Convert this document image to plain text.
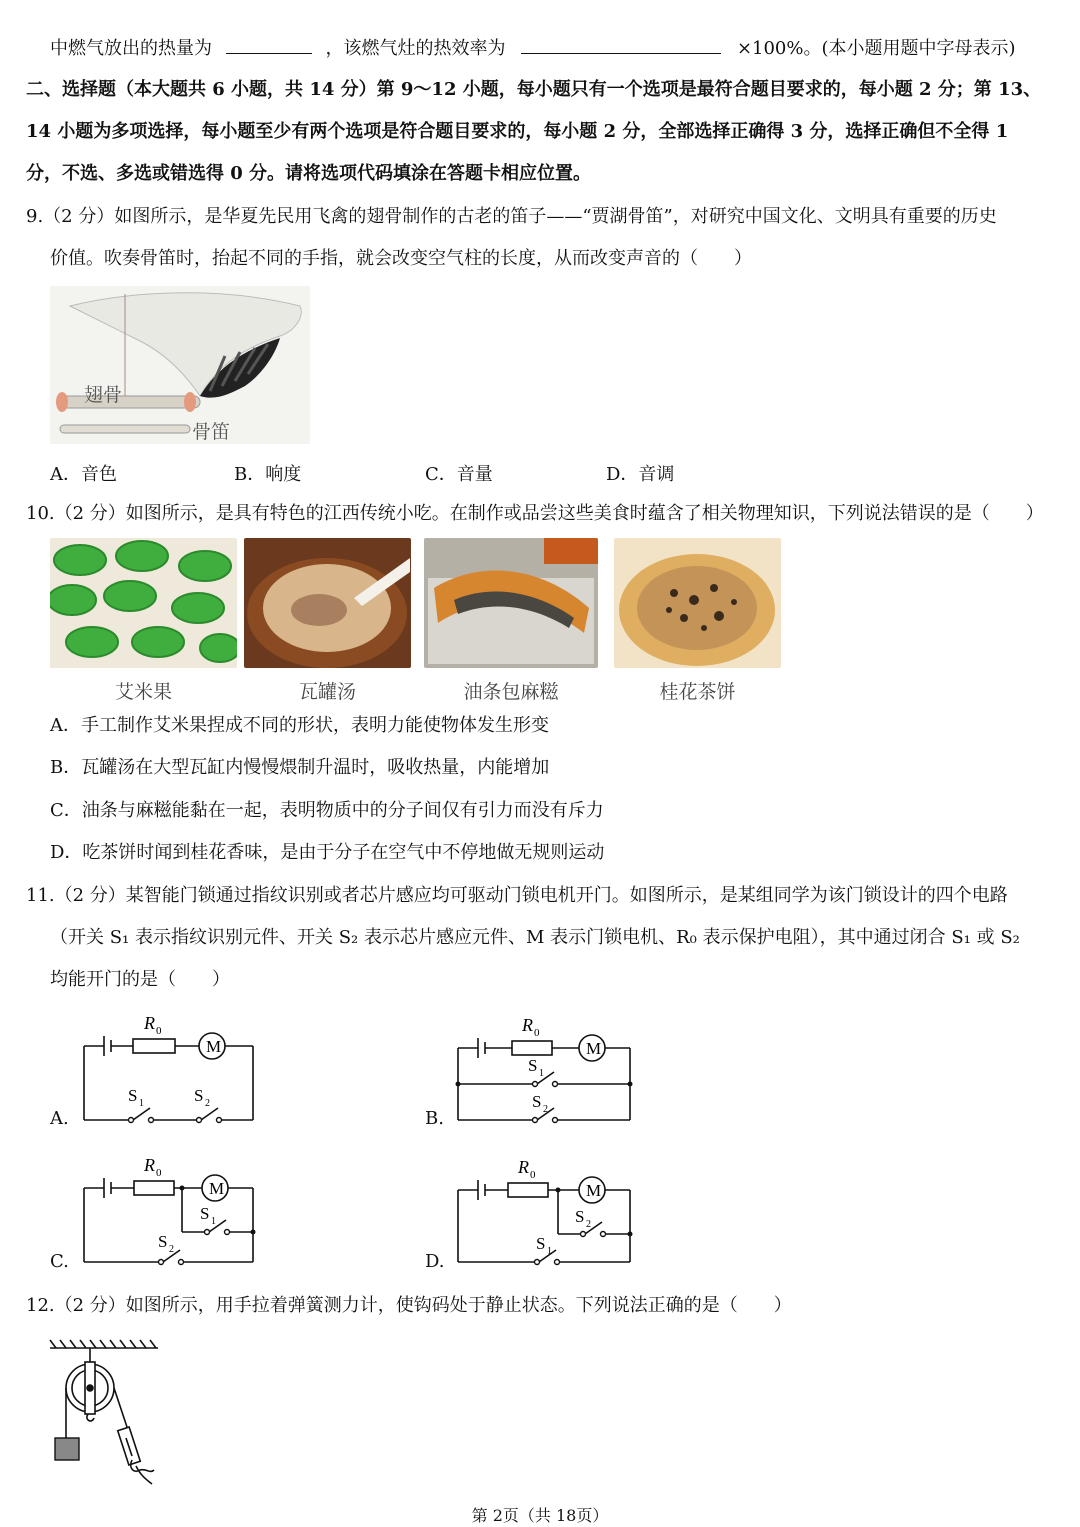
中燃气放出的热量为	，该燃气灶的热效率为	×100%。(本小题用题中字母表示)
二、选择题（本大题共 6 小题，共 14 分）第 9～12 小题，每小题只有一个选项是最符合题目要求的，每小题 2 分；第 13、
14 小题为多项选择，每小题至少有两个选项是符合题目要求的，每小题 2 分，全部选择正确得 3 分，选择正确但不全得 1
分，不选、多选或错选得 0 分。请将选项代码填涂在答题卡相应位置。
9.（2 分）如图所示，是华夏先民用飞禽的翅骨制作的古老的笛子——“贾湖骨笛”，对研究中国文化、文明具有重要的历史
价值。吹奏骨笛时，抬起不同的手指，就会改变空气柱的长度，从而改变声音的（　　）
翅骨
骨笛
A．音色	B．响度	C．音量	D．音调
10.（2 分）如图所示，是具有特色的江西传统小吃。在制作或品尝这些美食时蕴含了相关物理知识，下列说法错误的是（　　）
艾米果	瓦罐汤	油条包麻糍	桂花茶饼
A．手工制作艾米果捏成不同的形状，表明力能使物体发生形变
B．瓦罐汤在大型瓦缸内慢慢煨制升温时，吸收热量，内能增加
C．油条与麻糍能黏在一起，表明物质中的分子间仅有引力而没有斥力
D．吃茶饼时闻到桂花香味，是由于分子在空气中不停地做无规则运动
11.（2 分）某智能门锁通过指纹识别或者芯片感应均可驱动门锁电机开门。如图所示，是某组同学为该门锁设计的四个电路
（开关 S₁ 表示指纹识别元件、开关 S₂ 表示芯片感应元件、M 表示门锁电机、R₀ 表示保护电阻），其中通过闭合 S₁ 或 S₂
均能开门的是（　　）
A.
R 0
M
S 1	S 2
B.
R 0
M
S 1
S 2
C.
R 0
M
S 1
S 2
D.
R 0
M
S 2
S 1
12.（2 分）如图所示，用手拉着弹簧测力计，使钩码处于静止状态。下列说法正确的是（　　）
第 2页（共 18页）
